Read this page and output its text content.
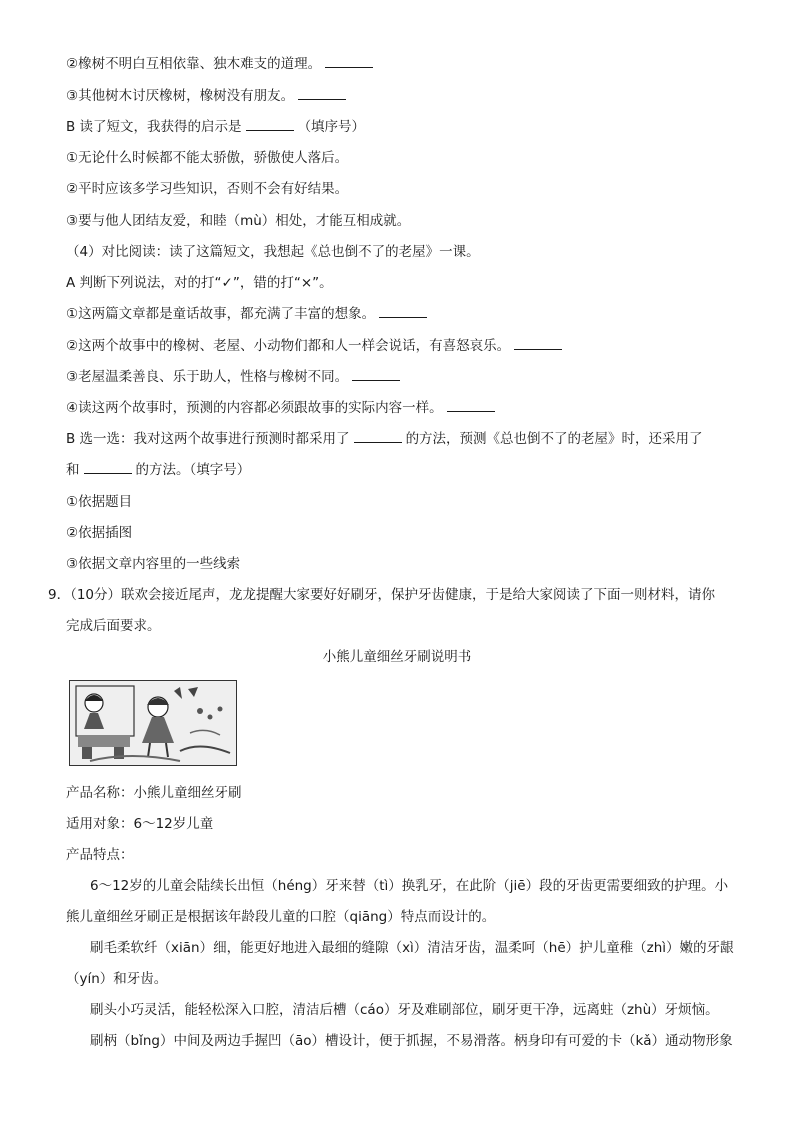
②橡树不明白互相依靠、独木难支的道理。
③其他树木讨厌橡树，橡树没有朋友。
B 读了短文，我获得的启示是	（填序号）
①无论什么时候都不能太骄傲，骄傲使人落后。
②平时应该多学习些知识，否则不会有好结果。
③要与他人团结友爱，和睦（mù）相处，才能互相成就。
（4）对比阅读：读了这篇短文，我想起《总也倒不了的老屋》一课。
A 判断下列说法，对的打“✓”，错的打“×”。
①这两篇文章都是童话故事，都充满了丰富的想象。
②这两个故事中的橡树、老屋、小动物们都和人一样会说话，有喜怒哀乐。
③老屋温柔善良、乐于助人，性格与橡树不同。
④读这两个故事时，预测的内容都必须跟故事的实际内容一样。
B 选一选：我对这两个故事进行预测时都采用了	的方法，预测《总也倒不了的老屋》时，还采用了
和	的方法。（填字号）
①依据题目
②依据插图
③依据文章内容里的一些线索
9．（10分）联欢会接近尾声，龙龙提醒大家要好好刷牙，保护牙齿健康，于是给大家阅读了下面一则材料，请你
完成后面要求。
小熊儿童细丝牙刷说明书
产品名称：小熊儿童细丝牙刷
适用对象：6～12岁儿童
产品特点：
6～12岁的儿童会陆续长出恒（héng）牙来替（tì）换乳牙，在此阶（jiē）段的牙齿更需要细致的护理。小
熊儿童细丝牙刷正是根据该年龄段儿童的口腔（qiāng）特点而设计的。
刷毛柔软纤（xiān）细，能更好地进入最细的缝隙（xì）清洁牙齿，温柔呵（hē）护儿童稚（zhì）嫩的牙龈
（yín）和牙齿。
刷头小巧灵活，能轻松深入口腔，清洁后槽（cáo）牙及难刷部位，刷牙更干净，远离蛀（zhù）牙烦恼。
刷柄（bǐng）中间及两边手握凹（āo）槽设计，便于抓握，不易滑落。柄身印有可爱的卡（kǎ）通动物形象
